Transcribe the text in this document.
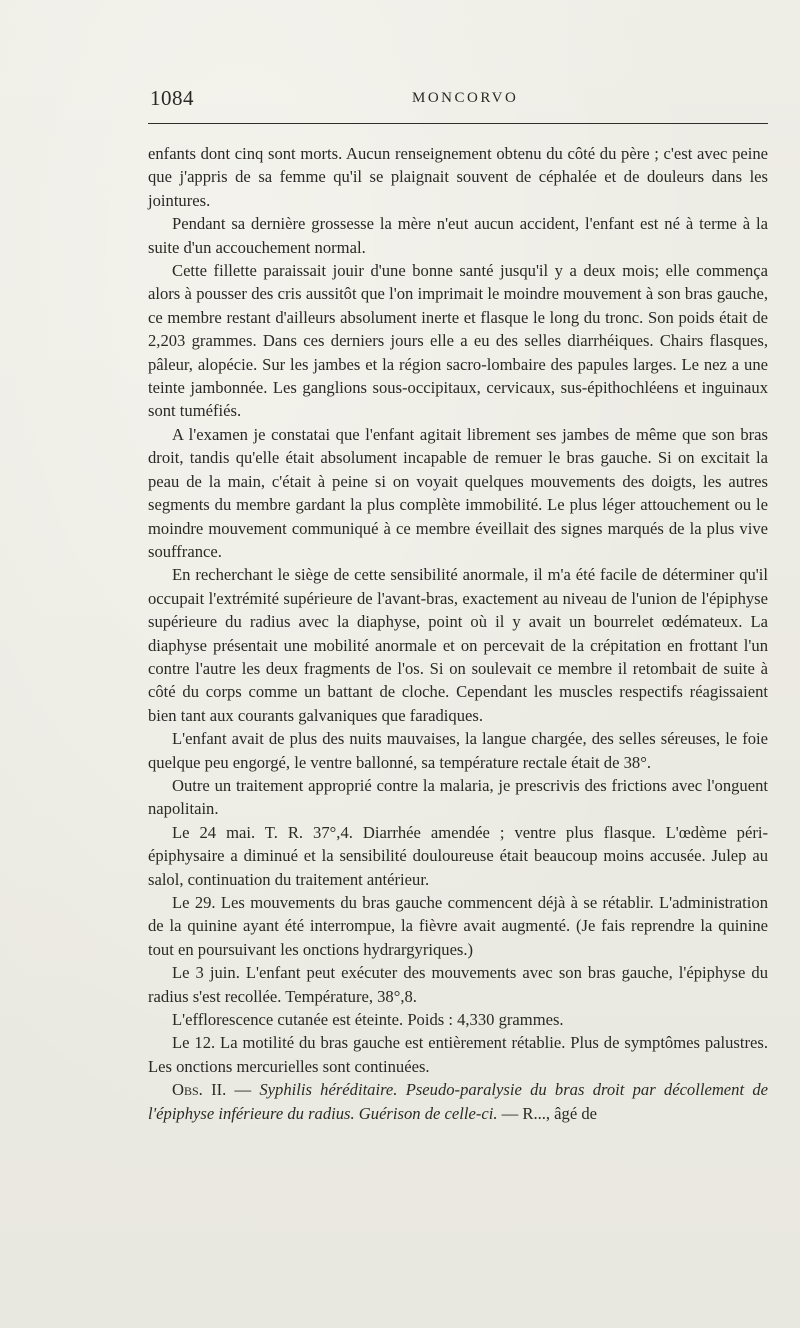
1084	MONCORVO

enfants dont cinq sont morts. Aucun renseignement obtenu du côté du père ; c'est avec peine que j'appris de sa femme qu'il se plaignait souvent de céphalée et de douleurs dans les jointures.

Pendant sa dernière grossesse la mère n'eut aucun accident, l'enfant est né à terme à la suite d'un accouchement normal.

Cette fillette paraissait jouir d'une bonne santé jusqu'il y a deux mois; elle commença alors à pousser des cris aussitôt que l'on imprimait le moindre mouvement à son bras gauche, ce membre restant d'ailleurs absolument inerte et flasque le long du tronc. Son poids était de 2,203 grammes. Dans ces derniers jours elle a eu des selles diarrhéiques. Chairs flasques, pâleur, alopécie. Sur les jambes et la région sacro-lombaire des papules larges. Le nez a une teinte jambonnée. Les ganglions sous-occipitaux, cervicaux, sus-épithochléens et inguinaux sont tuméfiés.

A l'examen je constatai que l'enfant agitait librement ses jambes de même que son bras droit, tandis qu'elle était absolument incapable de remuer le bras gauche. Si on excitait la peau de la main, c'était à peine si on voyait quelques mouvements des doigts, les autres segments du membre gardant la plus complète immobilité. Le plus léger attouchement ou le moindre mouvement communiqué à ce membre éveillait des signes marqués de la plus vive souffrance.

En recherchant le siège de cette sensibilité anormale, il m'a été facile de déterminer qu'il occupait l'extrémité supérieure de l'avant-bras, exactement au niveau de l'union de l'épiphyse supérieure du radius avec la diaphyse, point où il y avait un bourrelet œdémateux. La diaphyse présentait une mobilité anormale et on percevait de la crépitation en frottant l'un contre l'autre les deux fragments de l'os. Si on soulevait ce membre il retombait de suite à côté du corps comme un battant de cloche. Cependant les muscles respectifs réagissaient bien tant aux courants galvaniques que faradiques.

L'enfant avait de plus des nuits mauvaises, la langue chargée, des selles séreuses, le foie quelque peu engorgé, le ventre ballonné, sa température rectale était de 38°.

Outre un traitement approprié contre la malaria, je prescrivis des frictions avec l'onguent napolitain.

Le 24 mai. T. R. 37°,4. Diarrhée amendée ; ventre plus flasque. L'œdème péri-épiphysaire a diminué et la sensibilité douloureuse était beaucoup moins accusée. Julep au salol, continuation du traitement antérieur.

Le 29. Les mouvements du bras gauche commencent déjà à se rétablir. L'administration de la quinine ayant été interrompue, la fièvre avait augmenté. (Je fais reprendre la quinine tout en poursuivant les onctions hydrargyriques.)

Le 3 juin. L'enfant peut exécuter des mouvements avec son bras gauche, l'épiphyse du radius s'est recollée. Température, 38°,8.

L'efflorescence cutanée est éteinte. Poids : 4,330 grammes.

Le 12. La motilité du bras gauche est entièrement rétablie. Plus de symptômes palustres. Les onctions mercurielles sont continuées.

Obs. II. — Syphilis héréditaire. Pseudo-paralysie du bras droit par décollement de l'épiphyse inférieure du radius. Guérison de celle-ci. — R..., âgé de
